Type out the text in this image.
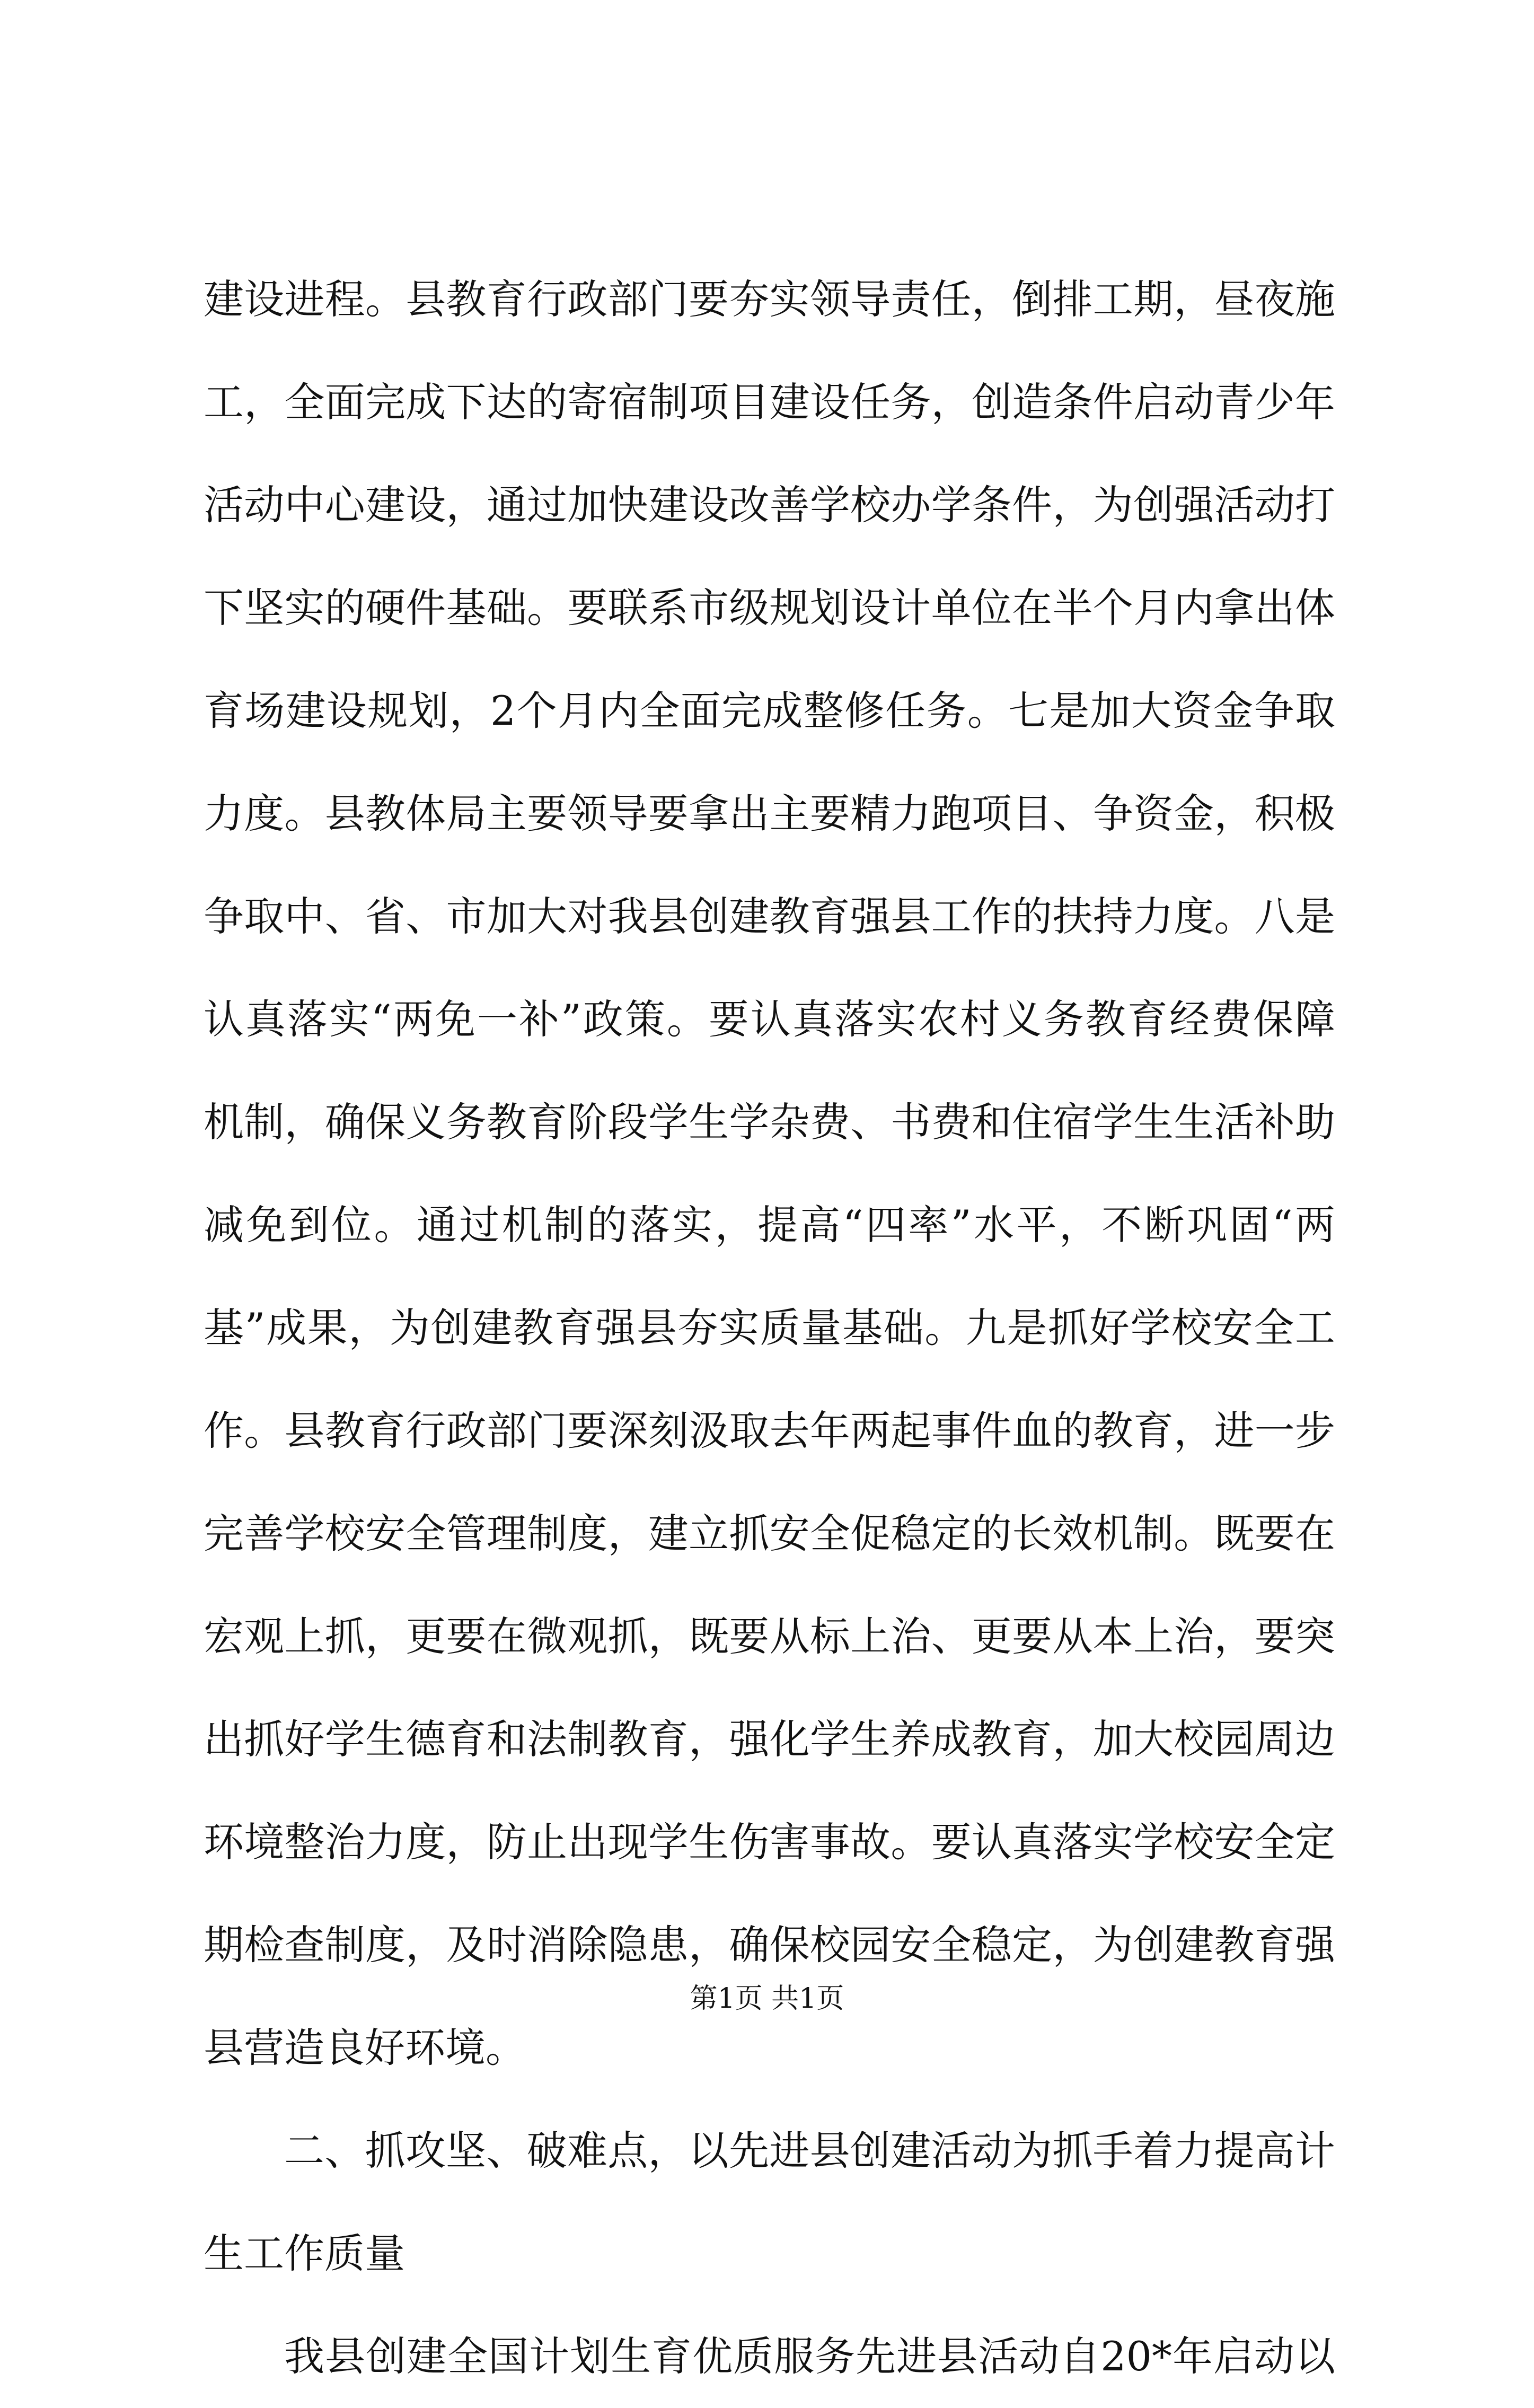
建设进程。县教育行政部门要夯实领导责任，倒排工期，昼夜施
工，全面完成下达的寄宿制项目建设任务，创造条件启动青少年
活动中心建设，通过加快建设改善学校办学条件，为创强活动打
下坚实的硬件基础。要联系市级规划设计单位在半个月内拿出体
育场建设规划，2个月内全面完成整修任务。七是加大资金争取
力度。县教体局主要领导要拿出主要精力跑项目、争资金，积极
争取中、省、市加大对我县创建教育强县工作的扶持力度。八是
认真落实“两免一补”政策。要认真落实农村义务教育经费保障
机制，确保义务教育阶段学生学杂费、书费和住宿学生生活补助
减免到位。通过机制的落实，提高“四率”水平，不断巩固“两
基”成果，为创建教育强县夯实质量基础。九是抓好学校安全工
作。县教育行政部门要深刻汲取去年两起事件血的教育，进一步
完善学校安全管理制度，建立抓安全促稳定的长效机制。既要在
宏观上抓，更要在微观抓，既要从标上治、更要从本上治，要突
出抓好学生德育和法制教育，强化学生养成教育，加大校园周边
环境整治力度，防止出现学生伤害事故。要认真落实学校安全定
期检查制度，及时消除隐患，确保校园安全稳定，为创建教育强
县营造良好环境。
二、抓攻坚、破难点，以先进县创建活动为抓手着力提高计
生工作质量
我县创建全国计划生育优质服务先进县活动自20*年启动以
第1页 共1页
